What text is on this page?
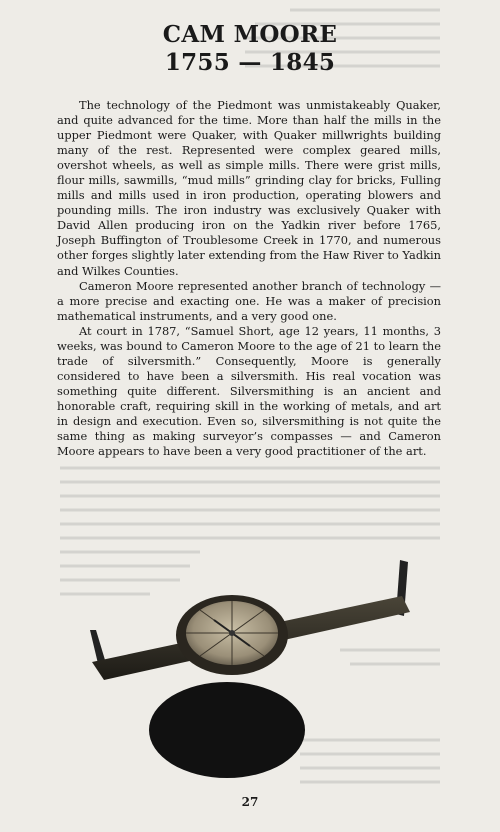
CAM MOORE
1755 — 1845

The technology of the Piedmont was unmistakeably Quaker, and quite advanced for the time. More than half the mills in the upper Piedmont were Quaker, with Quaker millwrights building many of the rest. Represented were complex geared mills, overshot wheels, as well as simple mills. There were grist mills, flour mills, sawmills, “mud mills” grinding clay for bricks, Fulling mills and mills used in iron production, operating blowers and pounding mills. The iron industry was exclusively Quaker with David Allen producing iron on the Yadkin river before 1765, Joseph Buffington of Troublesome Creek in 1770, and numerous other forges slightly later extending from the Haw River to Yadkin and Wilkes Counties.

Cameron Moore represented another branch of technology — a more precise and exacting one. He was a maker of precision mathematical instruments, and a very good one.

At court in 1787, “Samuel Short, age 12 years, 11 months, 3 weeks, was bound to Cameron Moore to the age of 21 to learn the trade of silversmith.” Consequently, Moore is generally considered to have been a silversmith. His real vocation was something quite different. Silversmithing is an ancient and honorable craft, requiring skill in the working of metals, and art in design and execution. Even so, silversmithing is not quite the same thing as making surveyor’s compasses — and Cameron Moore appears to have been a very good practitioner of the art.

27
